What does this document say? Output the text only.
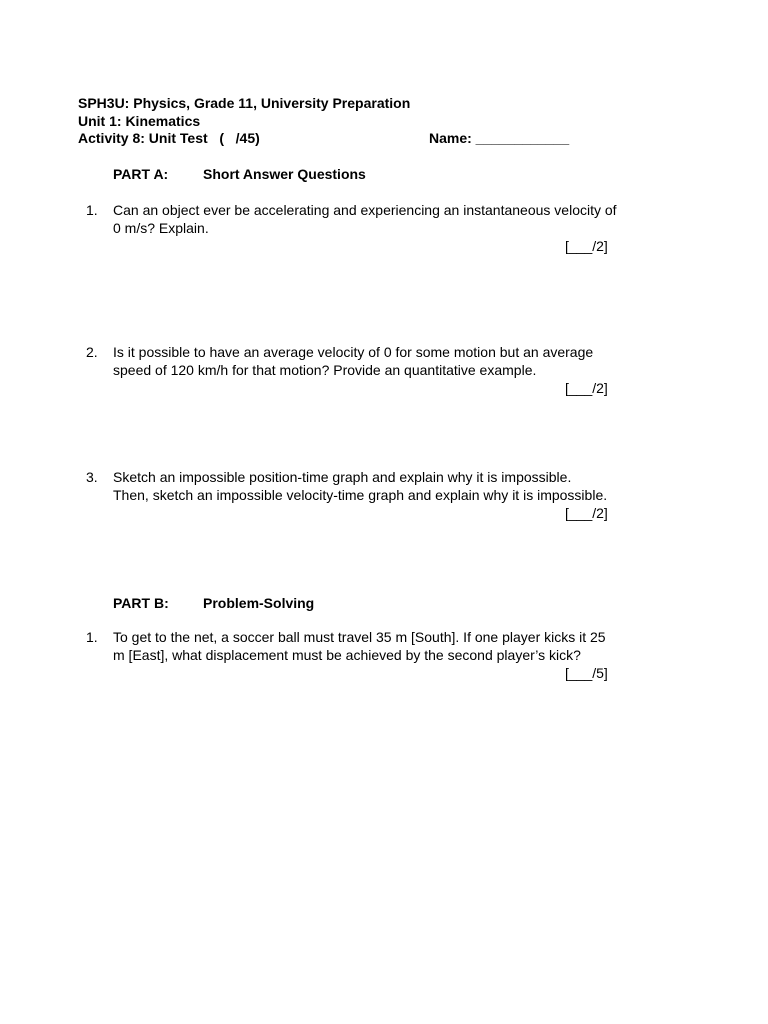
SPH3U: Physics, Grade 11, University Preparation
Unit 1: Kinematics
Activity 8: Unit Test   (   /45)	Name: ____________
PART A: Short Answer Questions
1.	Can an object ever be accelerating and experiencing an instantaneous velocity of
0 m/s? Explain.
[___/2]
2.	Is it possible to have an average velocity of 0 for some motion but an average
speed of 120 km/h for that motion? Provide an quantitative example.
[___/2]
3.	Sketch an impossible position-time graph and explain why it is impossible.
Then, sketch an impossible velocity-time graph and explain why it is impossible.
[___/2]
PART B: Problem-Solving
1.	To get to the net, a soccer ball must travel 35 m [South]. If one player kicks it 25
m [East], what displacement must be achieved by the second player’s kick?
[___/5]
